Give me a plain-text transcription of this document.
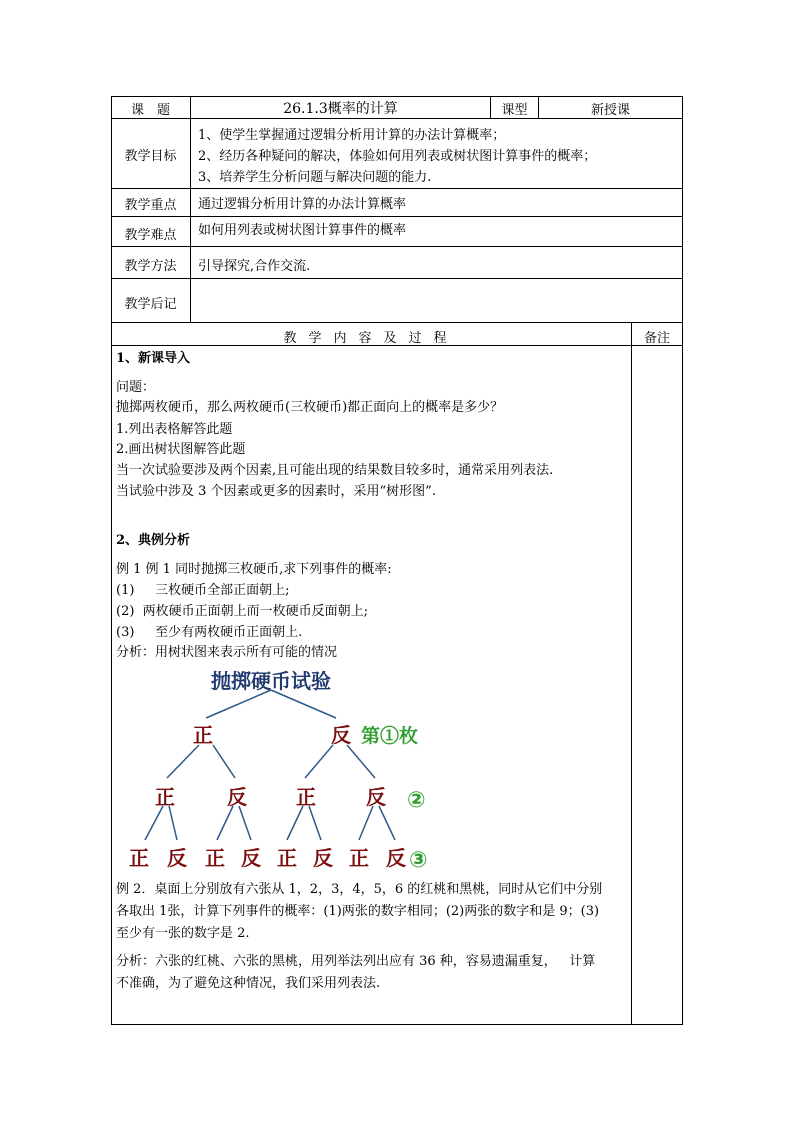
课　题	26.1.3概率的计算	课型	新授课
教学目标
1、使学生掌握通过逻辑分析用计算的办法计算概率；
2、经历各种疑问的解决，体验如何用列表或树状图计算事件的概率；
3、培养学生分析问题与解决问题的能力.
教学重点	通过逻辑分析用计算的办法计算概率
教学难点	如何用列表或树状图计算事件的概率
教学方法	引导探究,合作交流.
教学后记
教学内容及过程	备注
1、新课导入
问题：
抛掷两枚硬币，那么两枚硬币(三枚硬币)都正面向上的概率是多少？
1.列出表格解答此题
2.画出树状图解答此题
当一次试验要涉及两个因素,且可能出现的结果数目较多时，通常采用列表法.
当试验中涉及 3 个因素或更多的因素时，采用“树形图”.
2、典例分析
例 1 例 1 同时抛掷三枚硬币,求下列事件的概率:
(1)     三枚硬币全部正面朝上;
(2)  两枚硬币正面朝上而一枚硬币反面朝上;
(3)     至少有两枚硬币正面朝上.
分析：用树状图来表示所有可能的情况
抛掷硬币试验
正	反 第①枚
正	反 正	反 ②
正 反 正 反 正 反 正 反 ③
例 2．桌面上分别放有六张从 1，2，3，4，5，6 的红桃和黑桃，同时从它们中分别
各取出 1张，计算下列事件的概率：(1)两张的数字相同；(2)两张的数字和是 9；(3)
至少有一张的数字是 2.
分析：六张的红桃、六张的黑桃，用列举法列出应有 36 种，容易遗漏重复，   计算
不准确，为了避免这种情况，我们采用列表法.
